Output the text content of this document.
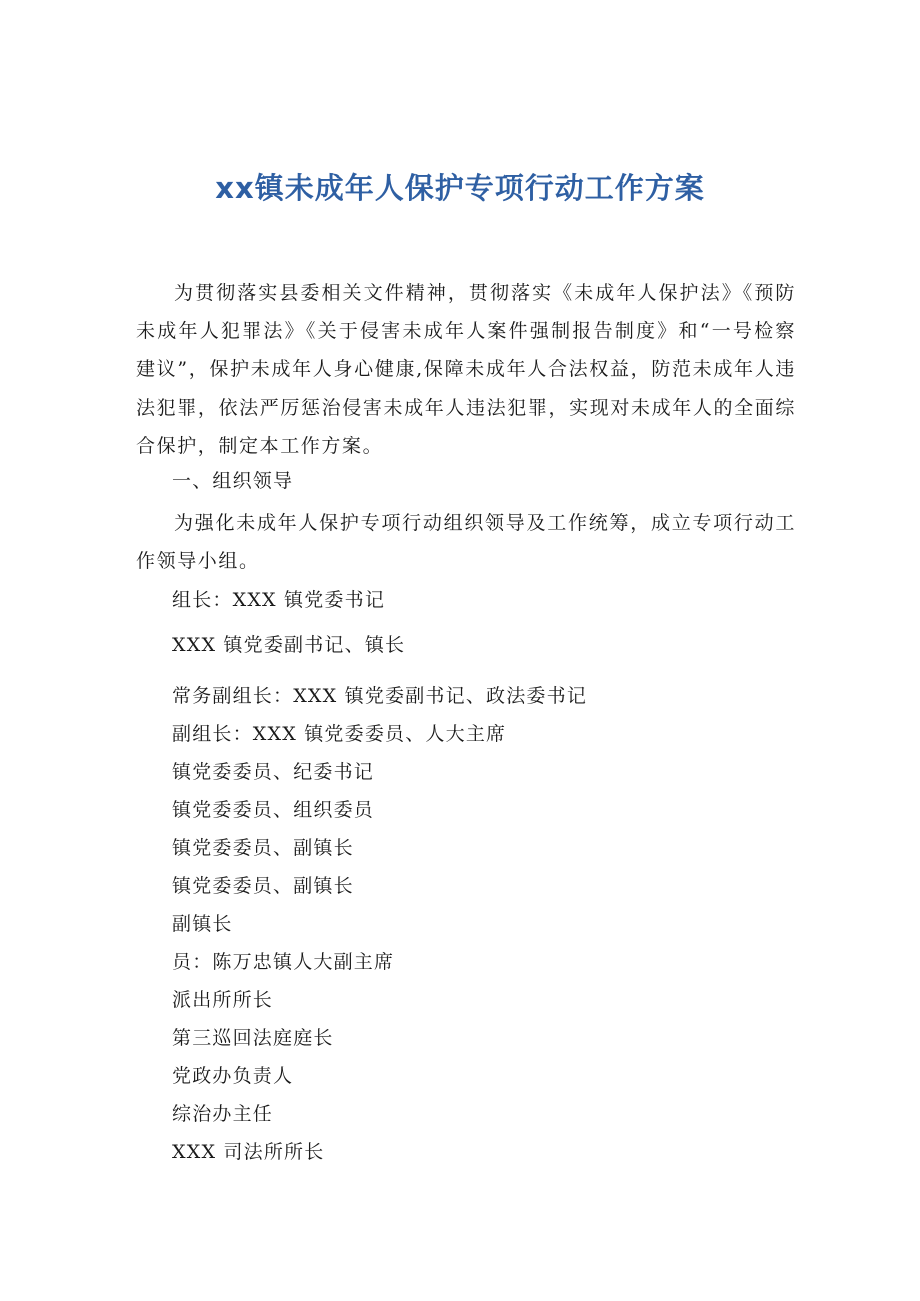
xx镇未成年人保护专项行动工作方案
为贯彻落实县委相关文件精神，贯彻落实《未成年人保护法》《预防未成年人犯罪法》《关于侵害未成年人案件强制报告制度》和“一号检察建议”，保护未成年人身心健康,保障未成年人合法权益，防范未成年人违法犯罪，依法严厉惩治侵害未成年人违法犯罪，实现对未成年人的全面综合保护，制定本工作方案。
一、组织领导
为强化未成年人保护专项行动组织领导及工作统筹，成立专项行动工作领导小组。
组长：XXX 镇党委书记
XXX 镇党委副书记、镇长
常务副组长：XXX 镇党委副书记、政法委书记
副组长：XXX 镇党委委员、人大主席
镇党委委员、纪委书记
镇党委委员、组织委员
镇党委委员、副镇长
镇党委委员、副镇长
副镇长
员：陈万忠镇人大副主席
派出所所长
第三巡回法庭庭长
党政办负责人
综治办主任
XXX 司法所所长
